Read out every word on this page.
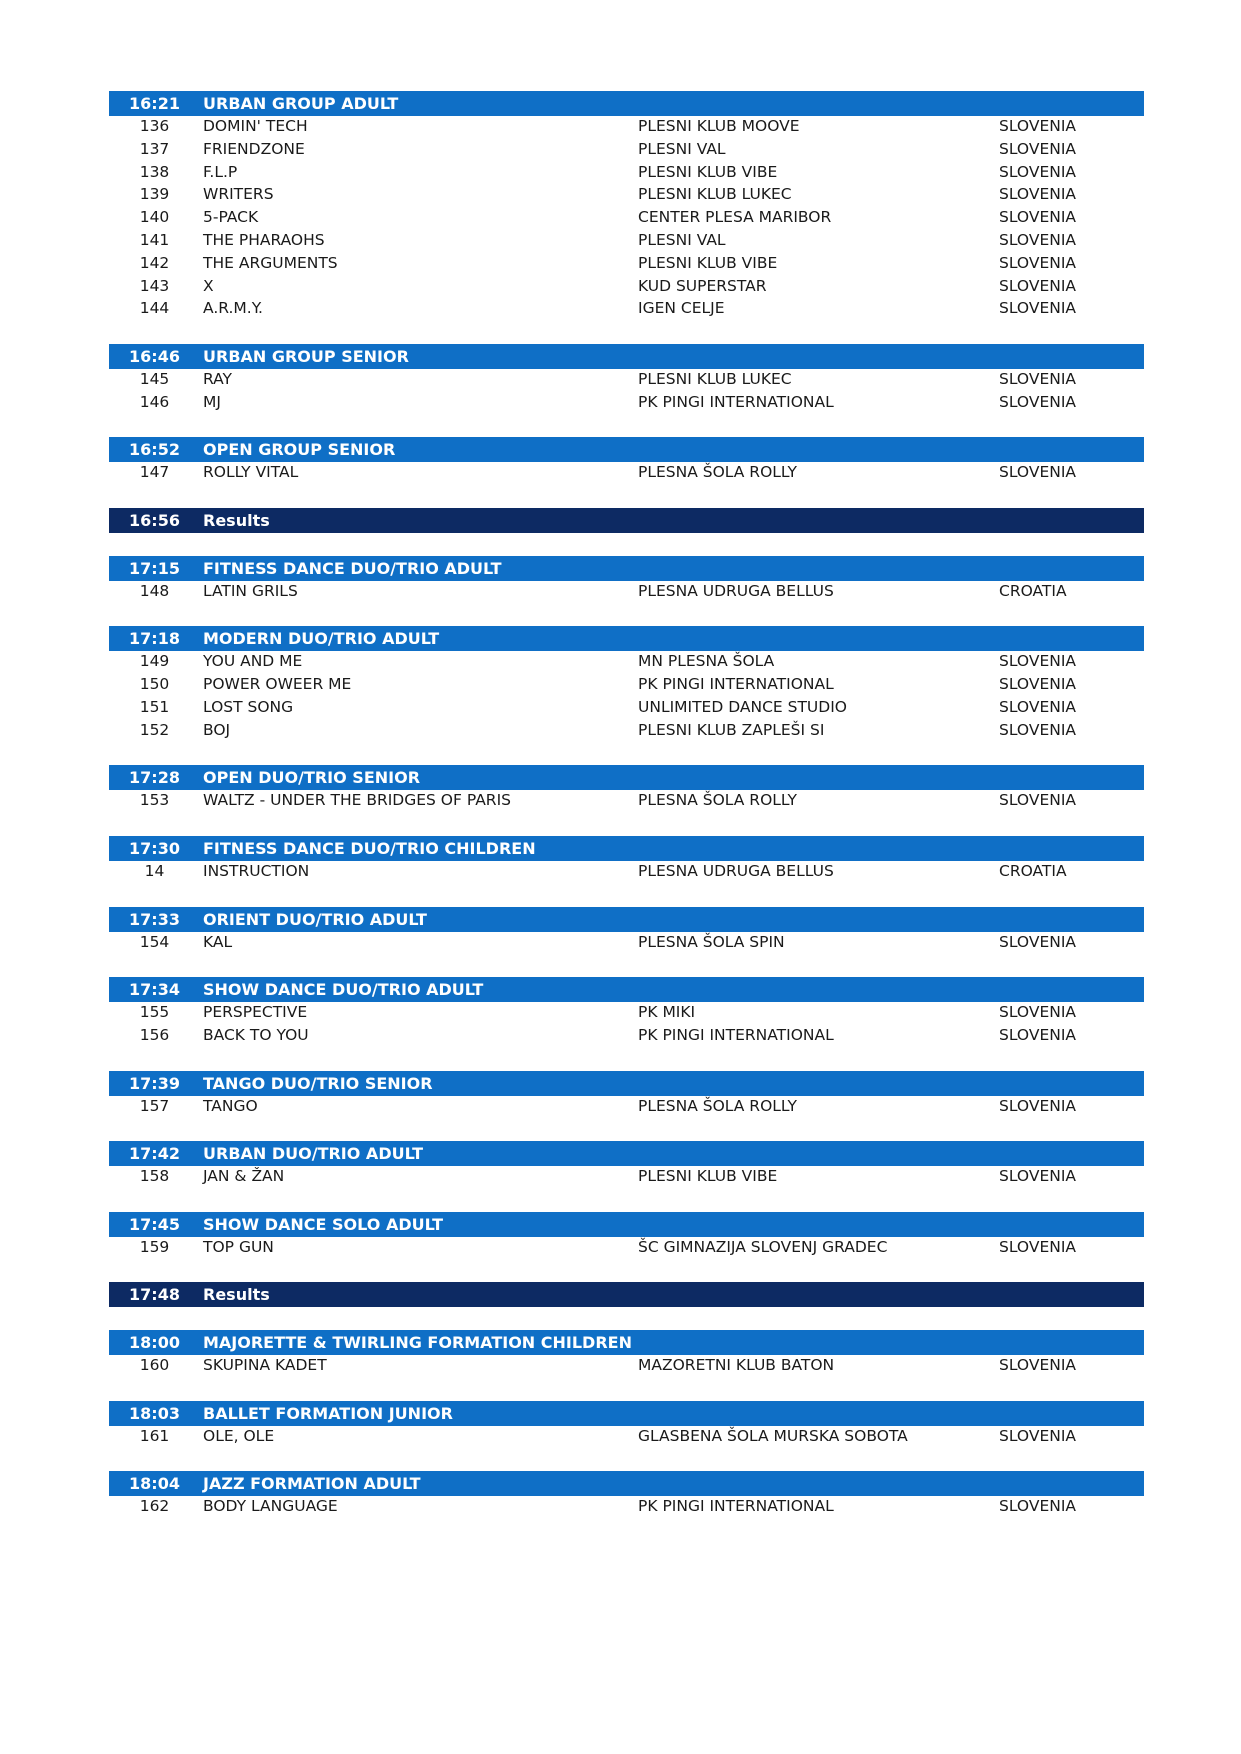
16:21	URBAN GROUP ADULT
136	DOMIN' TECH	PLESNI KLUB MOOVE	SLOVENIA
137	FRIENDZONE	PLESNI VAL	SLOVENIA
138	F.L.P	PLESNI KLUB VIBE	SLOVENIA
139	WRITERS	PLESNI KLUB LUKEC	SLOVENIA
140	5-PACK	CENTER PLESA MARIBOR	SLOVENIA
141	THE PHARAOHS	PLESNI VAL	SLOVENIA
142	THE ARGUMENTS	PLESNI KLUB VIBE	SLOVENIA
143	X	KUD SUPERSTAR	SLOVENIA
144	A.R.M.Y.	IGEN CELJE	SLOVENIA
16:46	URBAN GROUP SENIOR
145	RAY	PLESNI KLUB LUKEC	SLOVENIA
146	MJ	PK PINGI INTERNATIONAL	SLOVENIA
16:52	OPEN GROUP SENIOR
147	ROLLY VITAL	PLESNA ŠOLA ROLLY	SLOVENIA
16:56	Results
17:15	FITNESS DANCE DUO/TRIO ADULT
148	LATIN GRILS	PLESNA UDRUGA BELLUS	CROATIA
17:18	MODERN DUO/TRIO ADULT
149	YOU AND ME	MN PLESNA ŠOLA	SLOVENIA
150	POWER OWEER ME	PK PINGI INTERNATIONAL	SLOVENIA
151	LOST SONG	UNLIMITED DANCE STUDIO	SLOVENIA
152	BOJ	PLESNI KLUB ZAPLEŠI SI	SLOVENIA
17:28	OPEN DUO/TRIO SENIOR
153	WALTZ - UNDER THE BRIDGES OF PARIS	PLESNA ŠOLA ROLLY	SLOVENIA
17:30	FITNESS DANCE DUO/TRIO CHILDREN
14	INSTRUCTION	PLESNA UDRUGA BELLUS	CROATIA
17:33	ORIENT DUO/TRIO ADULT
154	KAL	PLESNA ŠOLA SPIN	SLOVENIA
17:34	SHOW DANCE DUO/TRIO ADULT
155	PERSPECTIVE	PK MIKI	SLOVENIA
156	BACK TO YOU	PK PINGI INTERNATIONAL	SLOVENIA
17:39	TANGO DUO/TRIO SENIOR
157	TANGO	PLESNA ŠOLA ROLLY	SLOVENIA
17:42	URBAN DUO/TRIO ADULT
158	JAN & ŽAN	PLESNI KLUB VIBE	SLOVENIA
17:45	SHOW DANCE SOLO ADULT
159	TOP GUN	ŠC GIMNAZIJA SLOVENJ GRADEC	SLOVENIA
17:48	Results
18:00	MAJORETTE & TWIRLING FORMATION CHILDREN
160	SKUPINA KADET	MAZORETNI KLUB BATON	SLOVENIA
18:03	BALLET FORMATION JUNIOR
161	OLE, OLE	GLASBENA ŠOLA MURSKA SOBOTA	SLOVENIA
18:04	JAZZ FORMATION ADULT
162	BODY LANGUAGE	PK PINGI INTERNATIONAL	SLOVENIA
